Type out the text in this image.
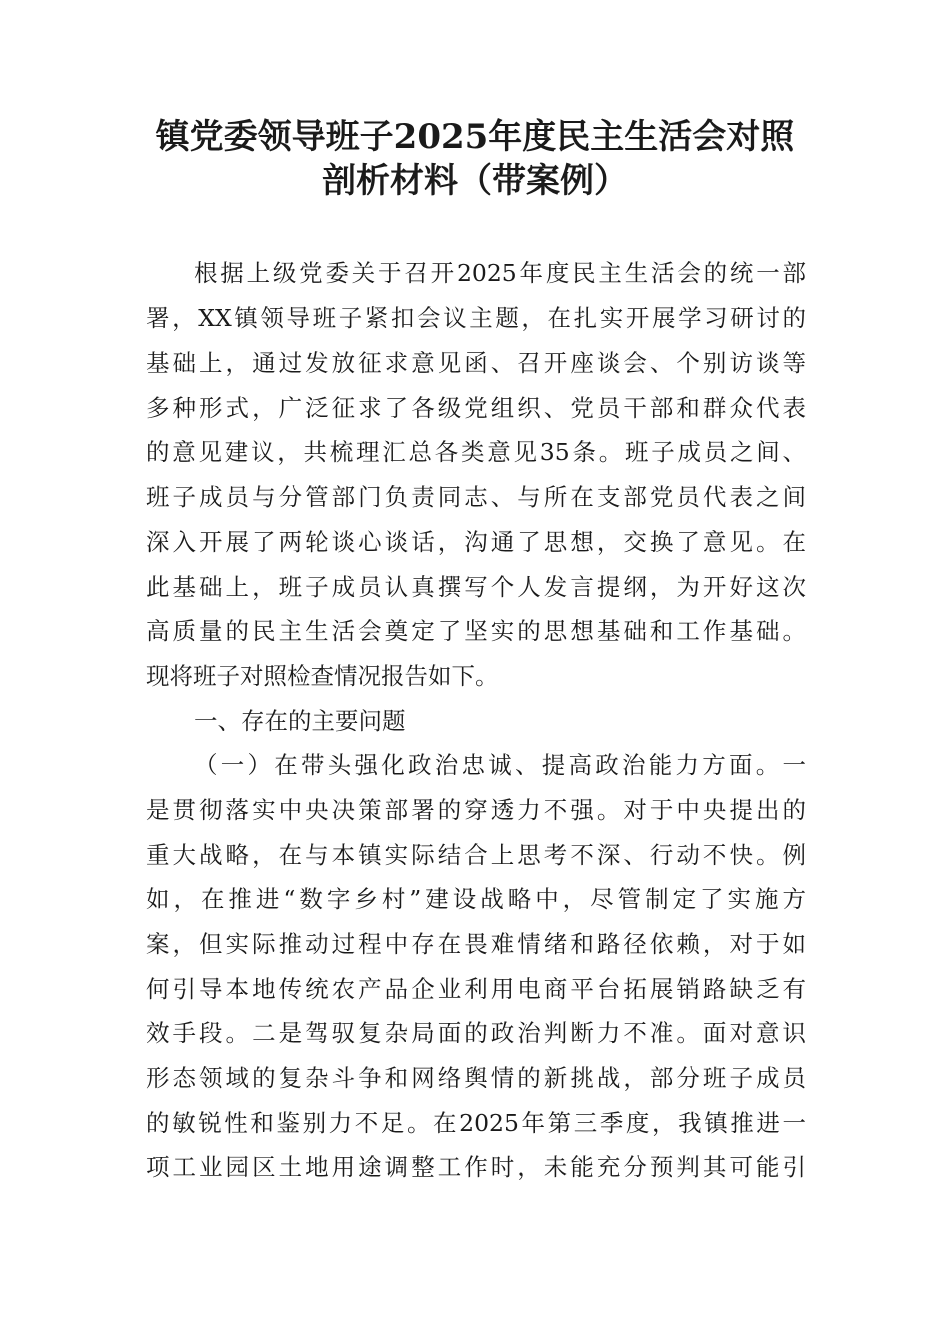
镇党委领导班子2025年度民主生活会对照
剖析材料（带案例）
根据上级党委关于召开2025年度民主生活会的统一部
署，XX镇领导班子紧扣会议主题，在扎实开展学习研讨的
基础上，通过发放征求意见函、召开座谈会、个别访谈等
多种形式，广泛征求了各级党组织、党员干部和群众代表
的意见建议，共梳理汇总各类意见35条。班子成员之间、
班子成员与分管部门负责同志、与所在支部党员代表之间
深入开展了两轮谈心谈话，沟通了思想，交换了意见。在
此基础上，班子成员认真撰写个人发言提纲，为开好这次
高质量的民主生活会奠定了坚实的思想基础和工作基础。
现将班子对照检查情况报告如下。
一、存在的主要问题
（一）在带头强化政治忠诚、提高政治能力方面。一
是贯彻落实中央决策部署的穿透力不强。对于中央提出的
重大战略，在与本镇实际结合上思考不深、行动不快。例
如，在推进“数字乡村”建设战略中，尽管制定了实施方
案，但实际推动过程中存在畏难情绪和路径依赖，对于如
何引导本地传统农产品企业利用电商平台拓展销路缺乏有
效手段。二是驾驭复杂局面的政治判断力不准。面对意识
形态领域的复杂斗争和网络舆情的新挑战，部分班子成员
的敏锐性和鉴别力不足。在2025年第三季度，我镇推进一
项工业园区土地用途调整工作时，未能充分预判其可能引
